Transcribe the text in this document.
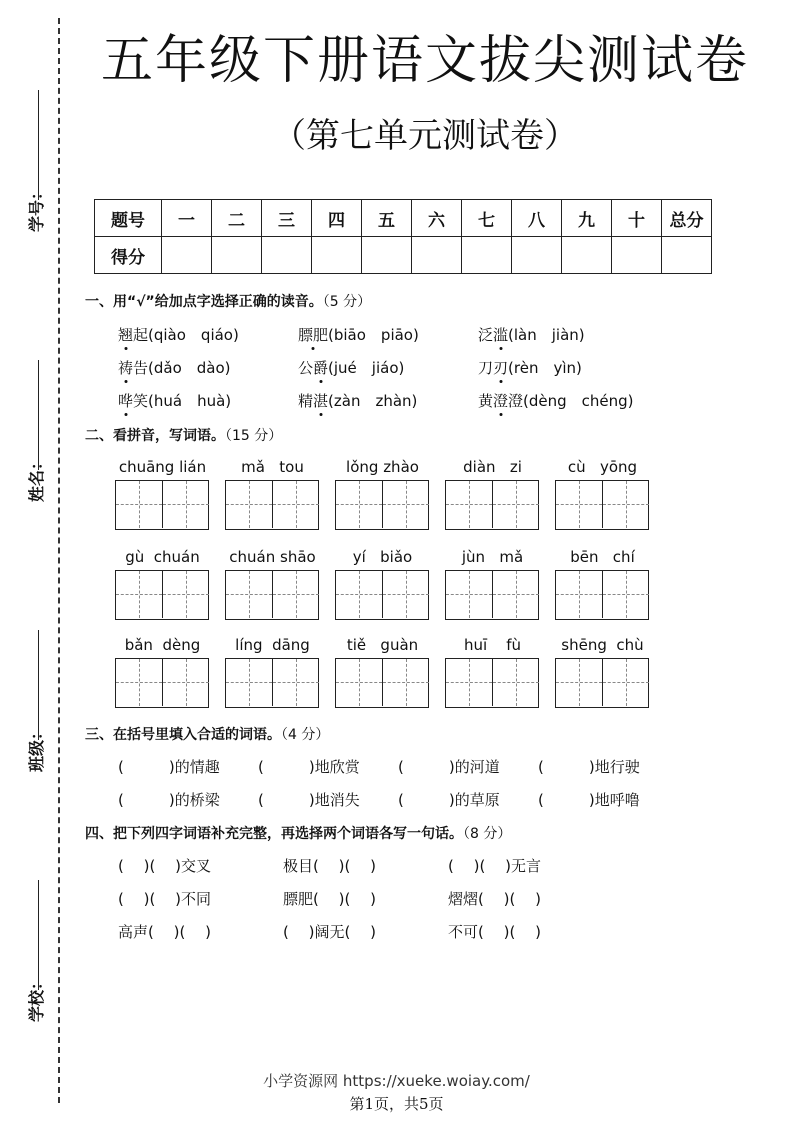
学号：
姓名：
班级：
学校：
五年级下册语文拔尖测试卷
（第七单元测试卷）
题号	一	二	三	四	五	六	七	八	九	十	总分
得分											
一、用“√”给加点字选择正确的读音。（5 分）
翘起(qiào　qiáo)	膘肥(biāo　piāo)	泛滥(làn　jiàn)
祷告(dǎo　dào)	公爵(jué　jiáo)	刀刃(rèn　yìn)
哗笑(huá　huà)	精湛(zàn　zhàn)	黄澄澄(dèng　chéng)
二、看拼音，写词语。（15 分）
chuāng lián	mǎ   tou	lǒng zhào	diàn   zi	cù   yōng
gù  chuán	chuán shāo	yí   biǎo	jùn   mǎ	bēn   chí
bǎn  dèng	líng  dāng	tiě   guàn	huī    fù	shēng  chù
三、在括号里填入合适的词语。（4 分）
(　　　)的情趣	(　　　)地欣赏	(　　　)的河道	(　　　)地行驶
(　　　)的桥梁	(　　　)地消失	(　　　)的草原	(　　　)地呼噜
四、把下列四字词语补充完整，再选择两个词语各写一句话。（8 分）
(　 )(　 )交叉	极目(　 )(　 )	(　 )(　 )无言
(　 )(　 )不同	膘肥(　 )(　 )	熠熠(　 )(　 )
高声(　 )(　 )	(　 )阔无(　 )	不可(　 )(　 )
小学资源网 https://xueke.woiay.com/
第1页，共5页
